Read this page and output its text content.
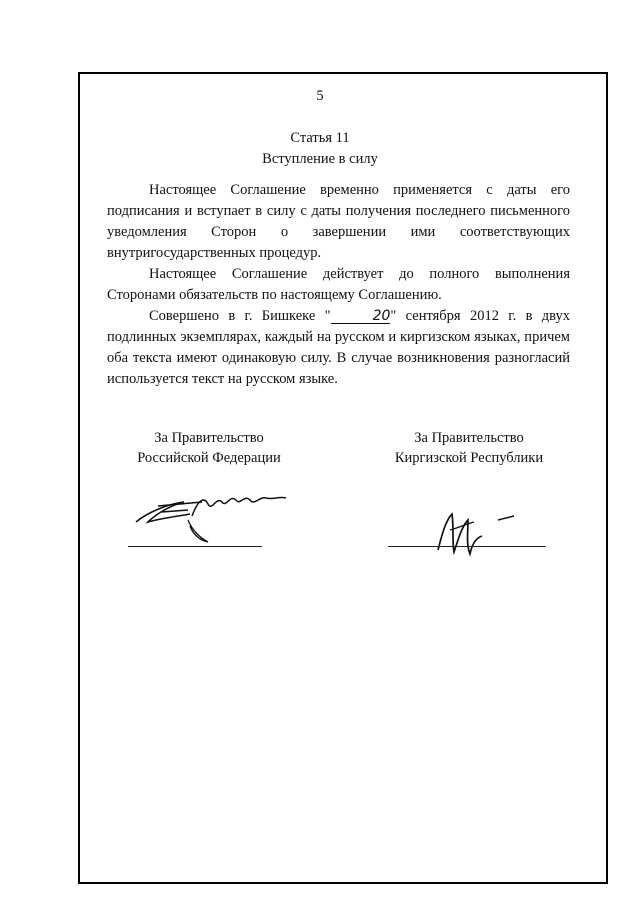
5
Статья 11
Вступление в силу

Настоящее Соглашение временно применяется с даты его подписания и вступает в силу с даты получения последнего письменного уведомления Сторон о завершении ими соответствующих внутригосударственных процедур.

Настоящее Соглашение действует до полного выполнения Сторонами обязательств по настоящему Соглашению.

Совершено в г. Бишкеке "	20" сентября 2012 г. в двух подлинных экземплярах, каждый на русском и киргизском языках, причем оба текста имеют одинаковую силу. В случае возникновения разногласий используется текст на русском языке.

За Правительство
Российской Федерации
За Правительство
Киргизской Республики
